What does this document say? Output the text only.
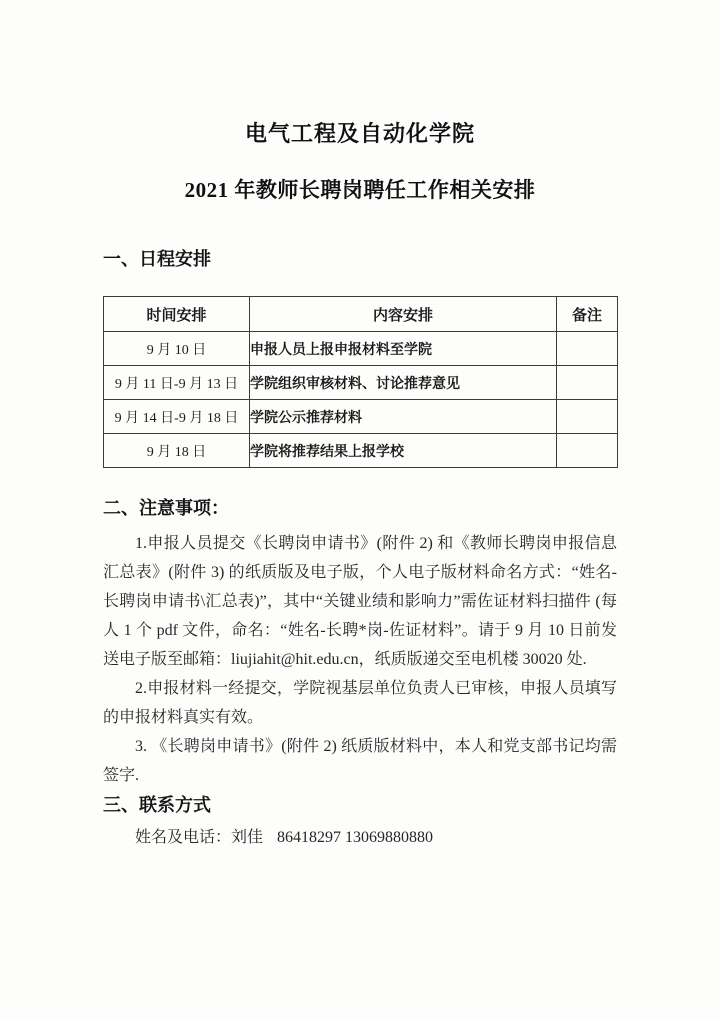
电气工程及自动化学院
2021 年教师长聘岗聘任工作相关安排
一、日程安排
时间安排	内容安排	备注
9 月 10 日	申报人员上报申报材料至学院	
9 月 11 日-9 月 13 日	学院组织审核材料、讨论推荐意见	
9 月 14 日-9 月 18 日	学院公示推荐材料	
9 月 18 日	学院将推荐结果上报学校	
二、注意事项：

1.申报人员提交《长聘岗申请书》(附件 2) 和《教师长聘岗申报信息汇总表》(附件 3) 的纸质版及电子版，个人电子版材料命名方式：“姓名-长聘岗申请书\汇总表)”，其中“关键业绩和影响力”需佐证材料扫描件 (每人 1 个 pdf 文件，命名：“姓名-长聘*岗-佐证材料”。请于 9 月 10 日前发送电子版至邮箱：liujiahit@hit.edu.cn，纸质版递交至电机楼 30020 处.

2.申报材料一经提交，学院视基层单位负责人已审核，申报人员填写的申报材料真实有效。

3. 《长聘岗申请书》(附件 2) 纸质版材料中，本人和党支部书记均需签字.

三、联系方式
姓名及电话：刘佳 86418297 13069880880
